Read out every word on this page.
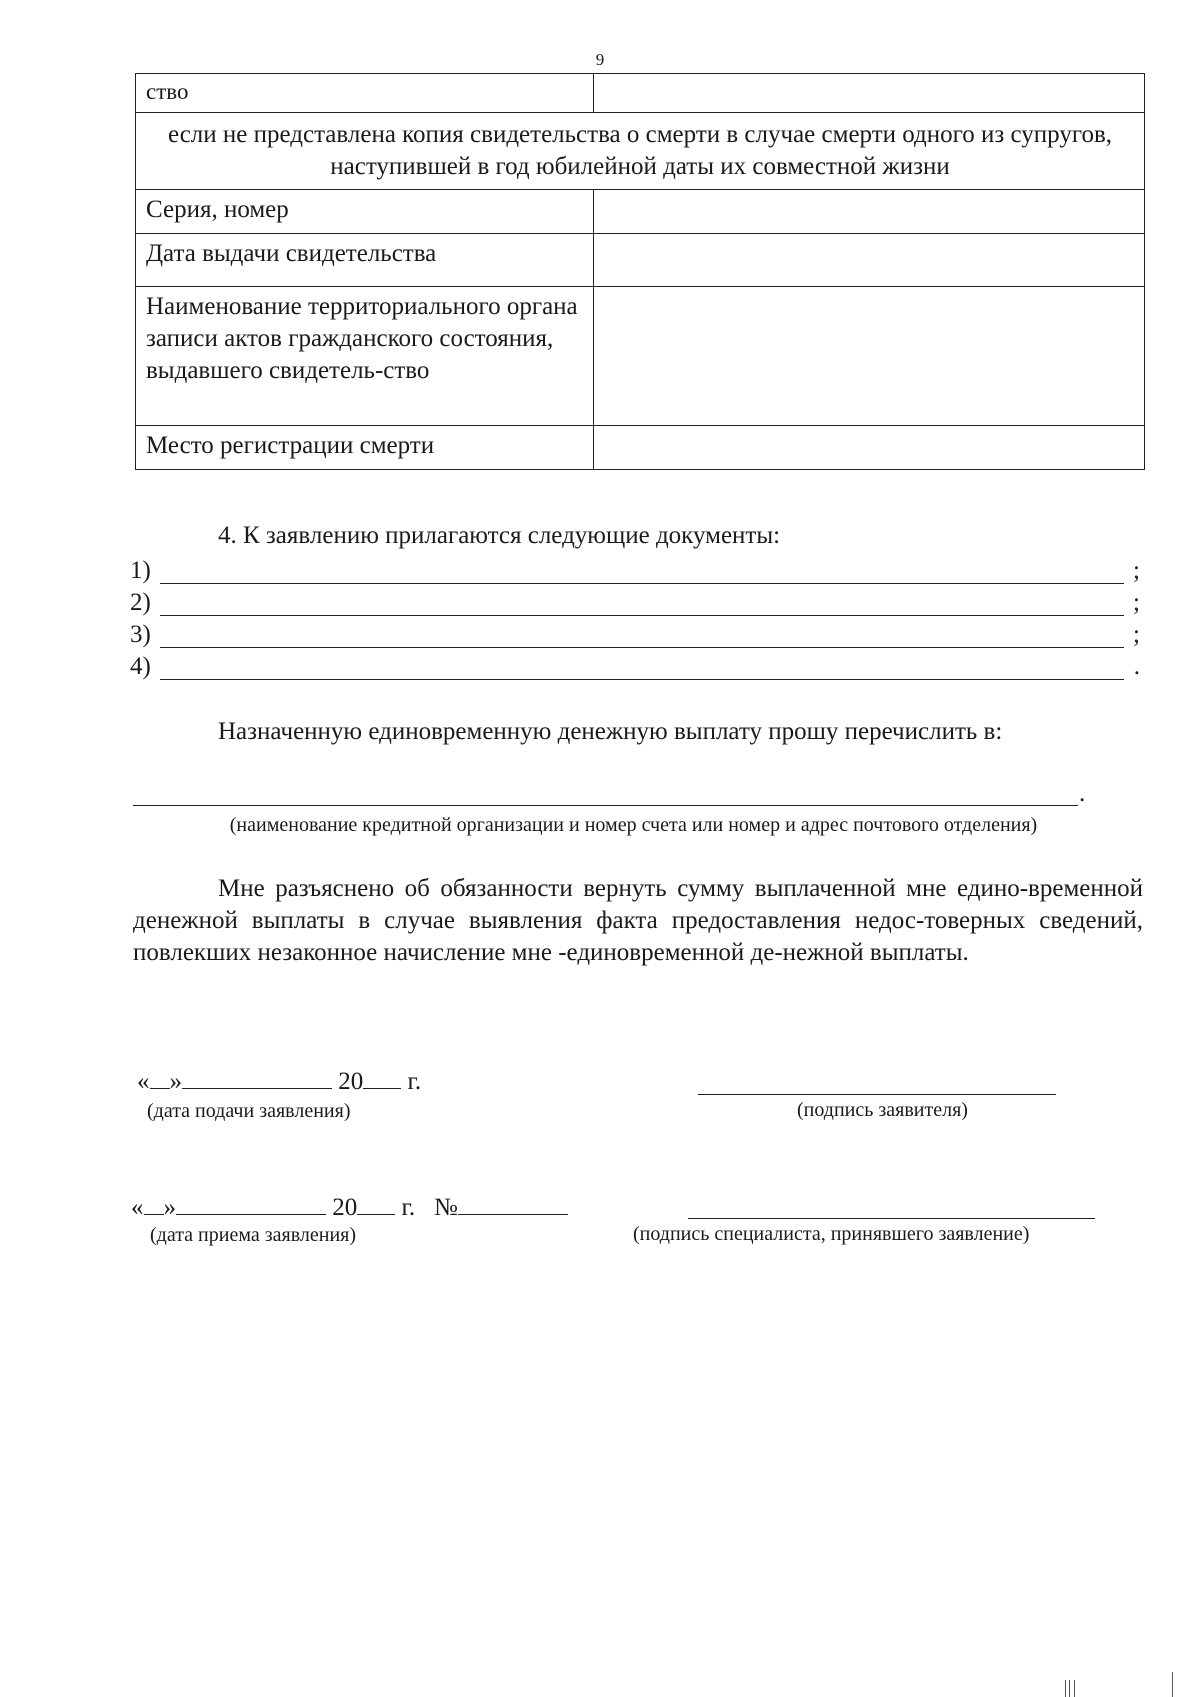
9
ство	
если не представлена копия свидетельства о смерти в случае смерти одного из супругов, наступившей в год юбилейной даты их совместной жизни	
Серия, номер	
Дата выдачи свидетельства	
Наименование территориального органа записи актов гражданского состояния, выдавшего свидетель-ство	
Место регистрации смерти	
4. К заявлению прилагаются следующие документы:
1)	;
2)	;
3)	;
4)	.
Назначенную единовременную денежную выплату прошу перечислить в:
.
(наименование кредитной организации и номер счета или номер и адрес почтового отделения)
Мне разъяснено об обязанности вернуть сумму выплаченной мне едино-временной денежной выплаты в случае выявления факта предоставления недос-товерных сведений, повлекших незаконное начисление мне -единовременной де-нежной выплаты.
« »	20 г.
(дата подачи заявления)	(подпись заявителя)
« »	20 г. №
(дата приема заявления)	(подпись специалиста, принявшего заявление)
